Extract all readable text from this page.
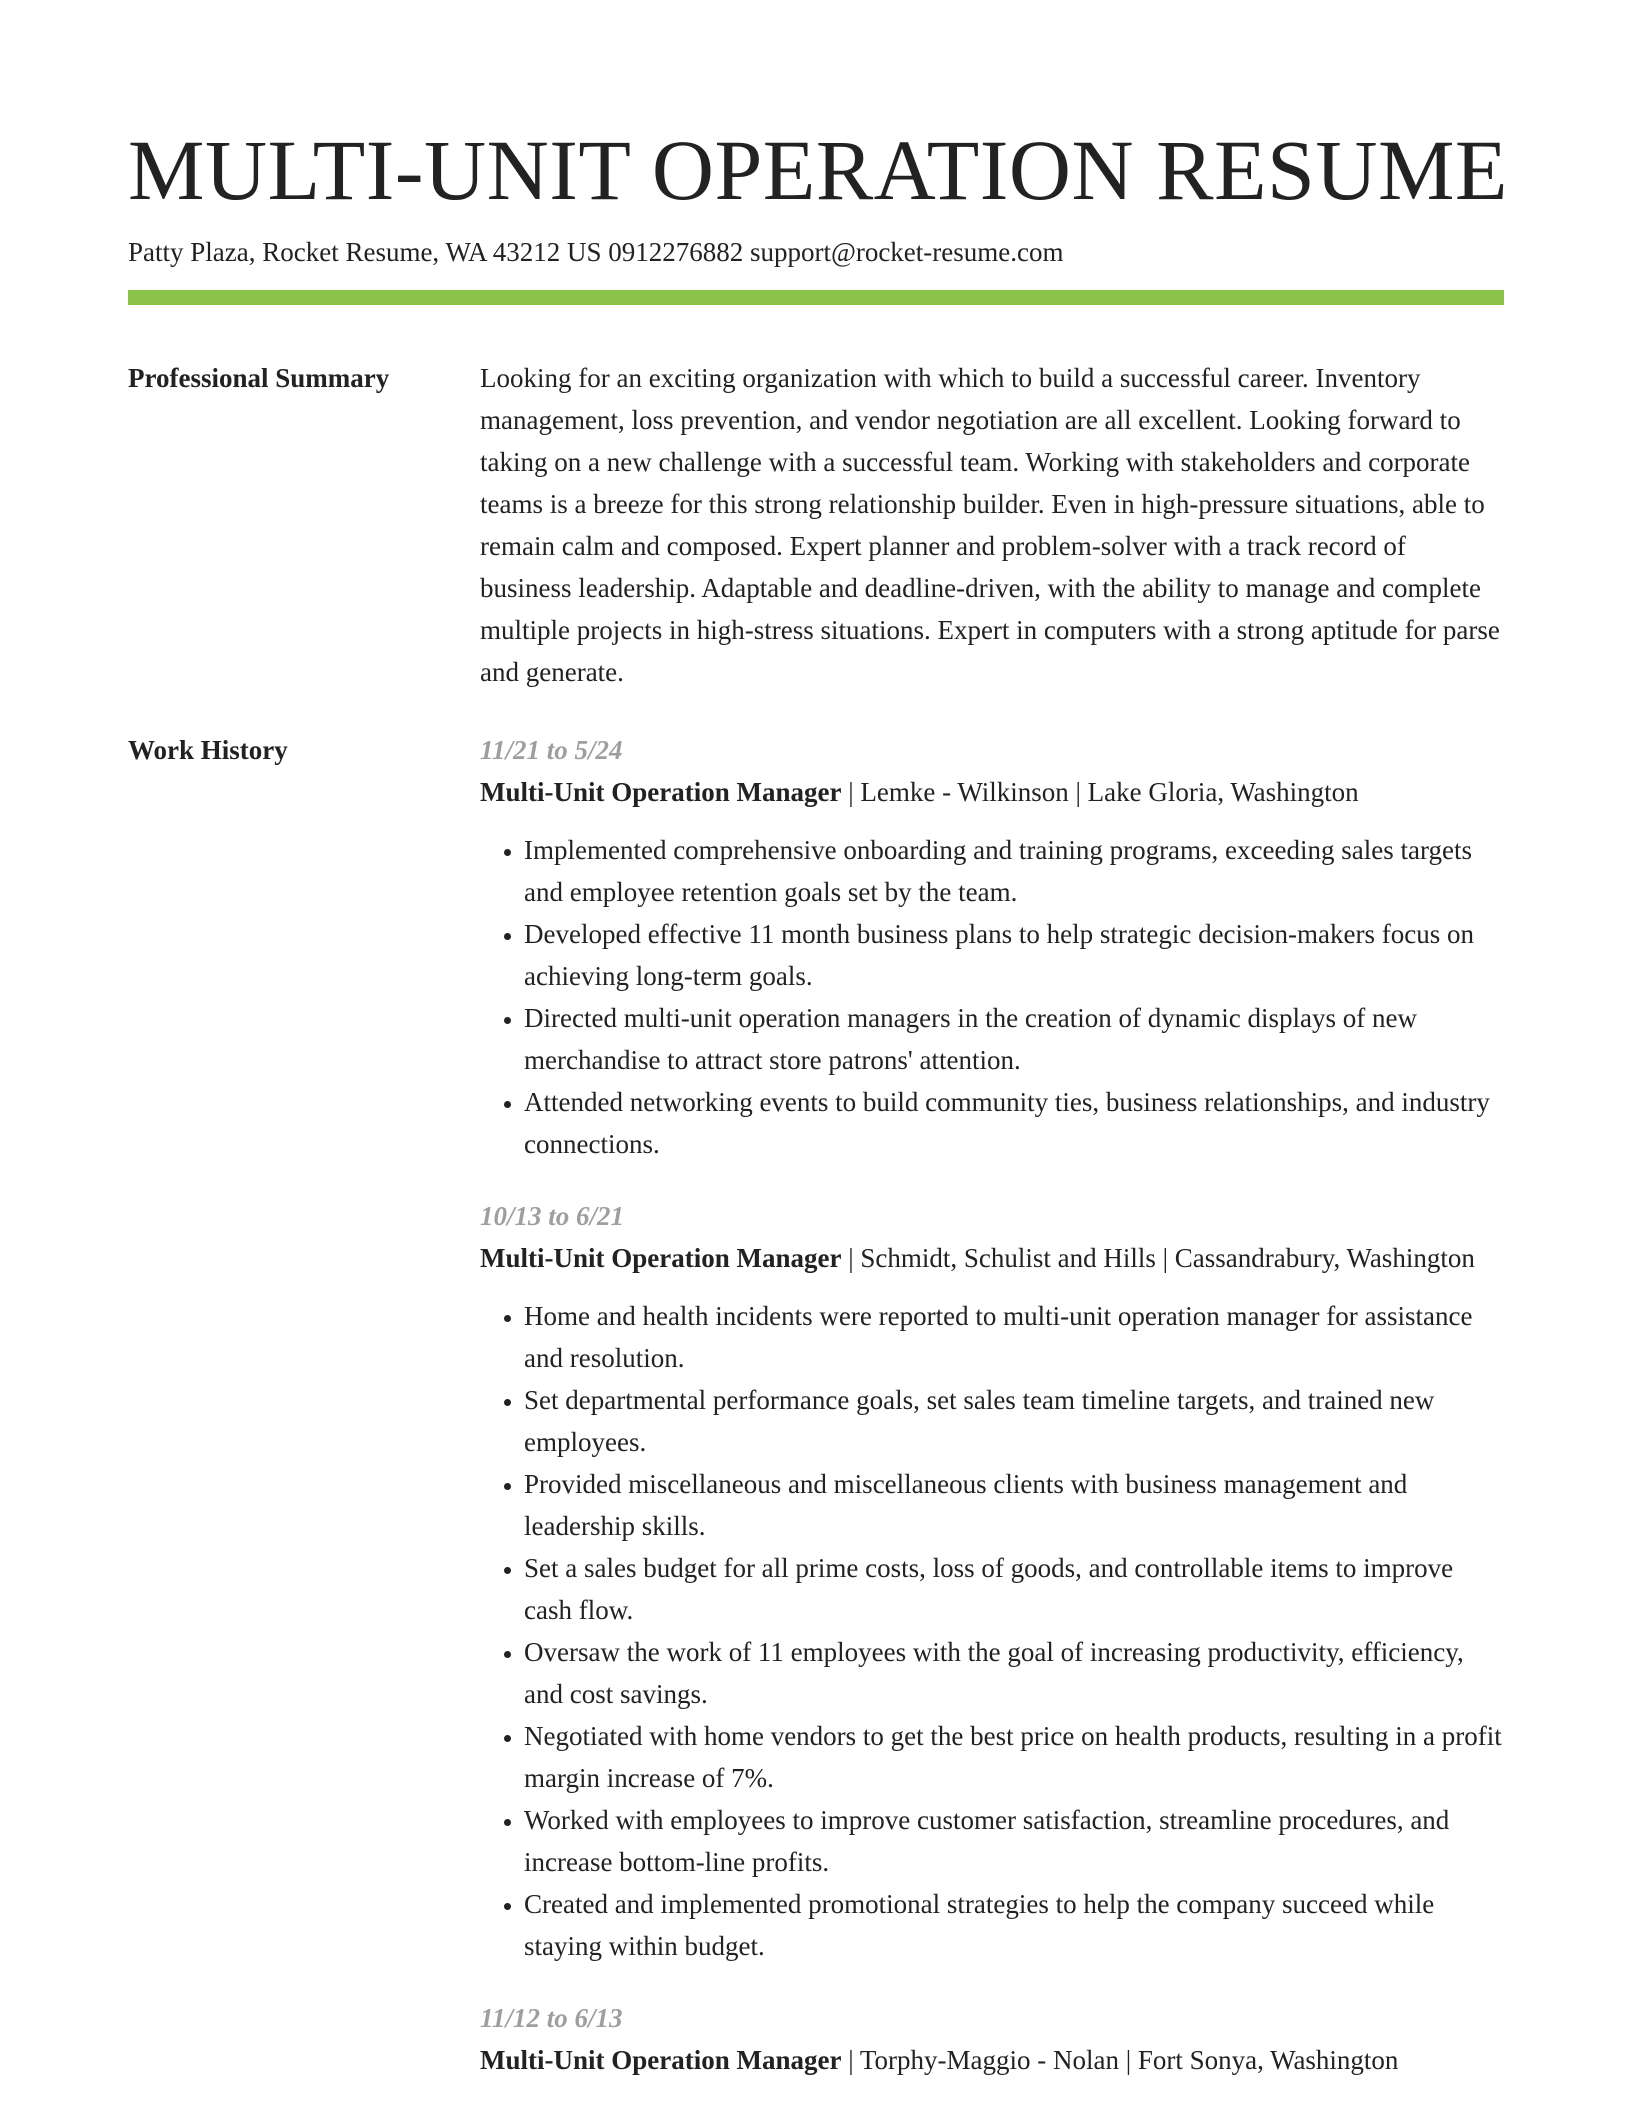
MULTI-UNIT OPERATION RESUME
Patty Plaza, Rocket Resume, WA 43212 US 0912276882 support@rocket-resume.com
Professional Summary	Looking for an exciting organization with which to build a successful career. Inventory management, loss prevention, and vendor negotiation are all excellent. Looking forward to taking on a new challenge with a successful team. Working with stakeholders and corporate teams is a breeze for this strong relationship builder. Even in high-pressure situations, able to remain calm and composed. Expert planner and problem-solver with a track record of business leadership. Adaptable and deadline-driven, with the ability to manage and complete multiple projects in high-stress situations. Expert in computers with a strong aptitude for parse and generate.

Work History	11/21 to 5/24
Multi-Unit Operation Manager | Lemke - Wilkinson | Lake Gloria, Washington
• Implemented comprehensive onboarding and training programs, exceeding sales targets and employee retention goals set by the team.
• Developed effective 11 month business plans to help strategic decision-makers focus on achieving long-term goals.
• Directed multi-unit operation managers in the creation of dynamic displays of new merchandise to attract store patrons' attention.
• Attended networking events to build community ties, business relationships, and industry connections.
10/13 to 6/21
Multi-Unit Operation Manager | Schmidt, Schulist and Hills | Cassandrabury, Washington
• Home and health incidents were reported to multi-unit operation manager for assistance and resolution.
• Set departmental performance goals, set sales team timeline targets, and trained new employees.
• Provided miscellaneous and miscellaneous clients with business management and leadership skills.
• Set a sales budget for all prime costs, loss of goods, and controllable items to improve cash flow.
• Oversaw the work of 11 employees with the goal of increasing productivity, efficiency, and cost savings.
• Negotiated with home vendors to get the best price on health products, resulting in a profit margin increase of 7%.
• Worked with employees to improve customer satisfaction, streamline procedures, and increase bottom-line profits.
• Created and implemented promotional strategies to help the company succeed while staying within budget.
11/12 to 6/13
Multi-Unit Operation Manager | Torphy-Maggio - Nolan | Fort Sonya, Washington
